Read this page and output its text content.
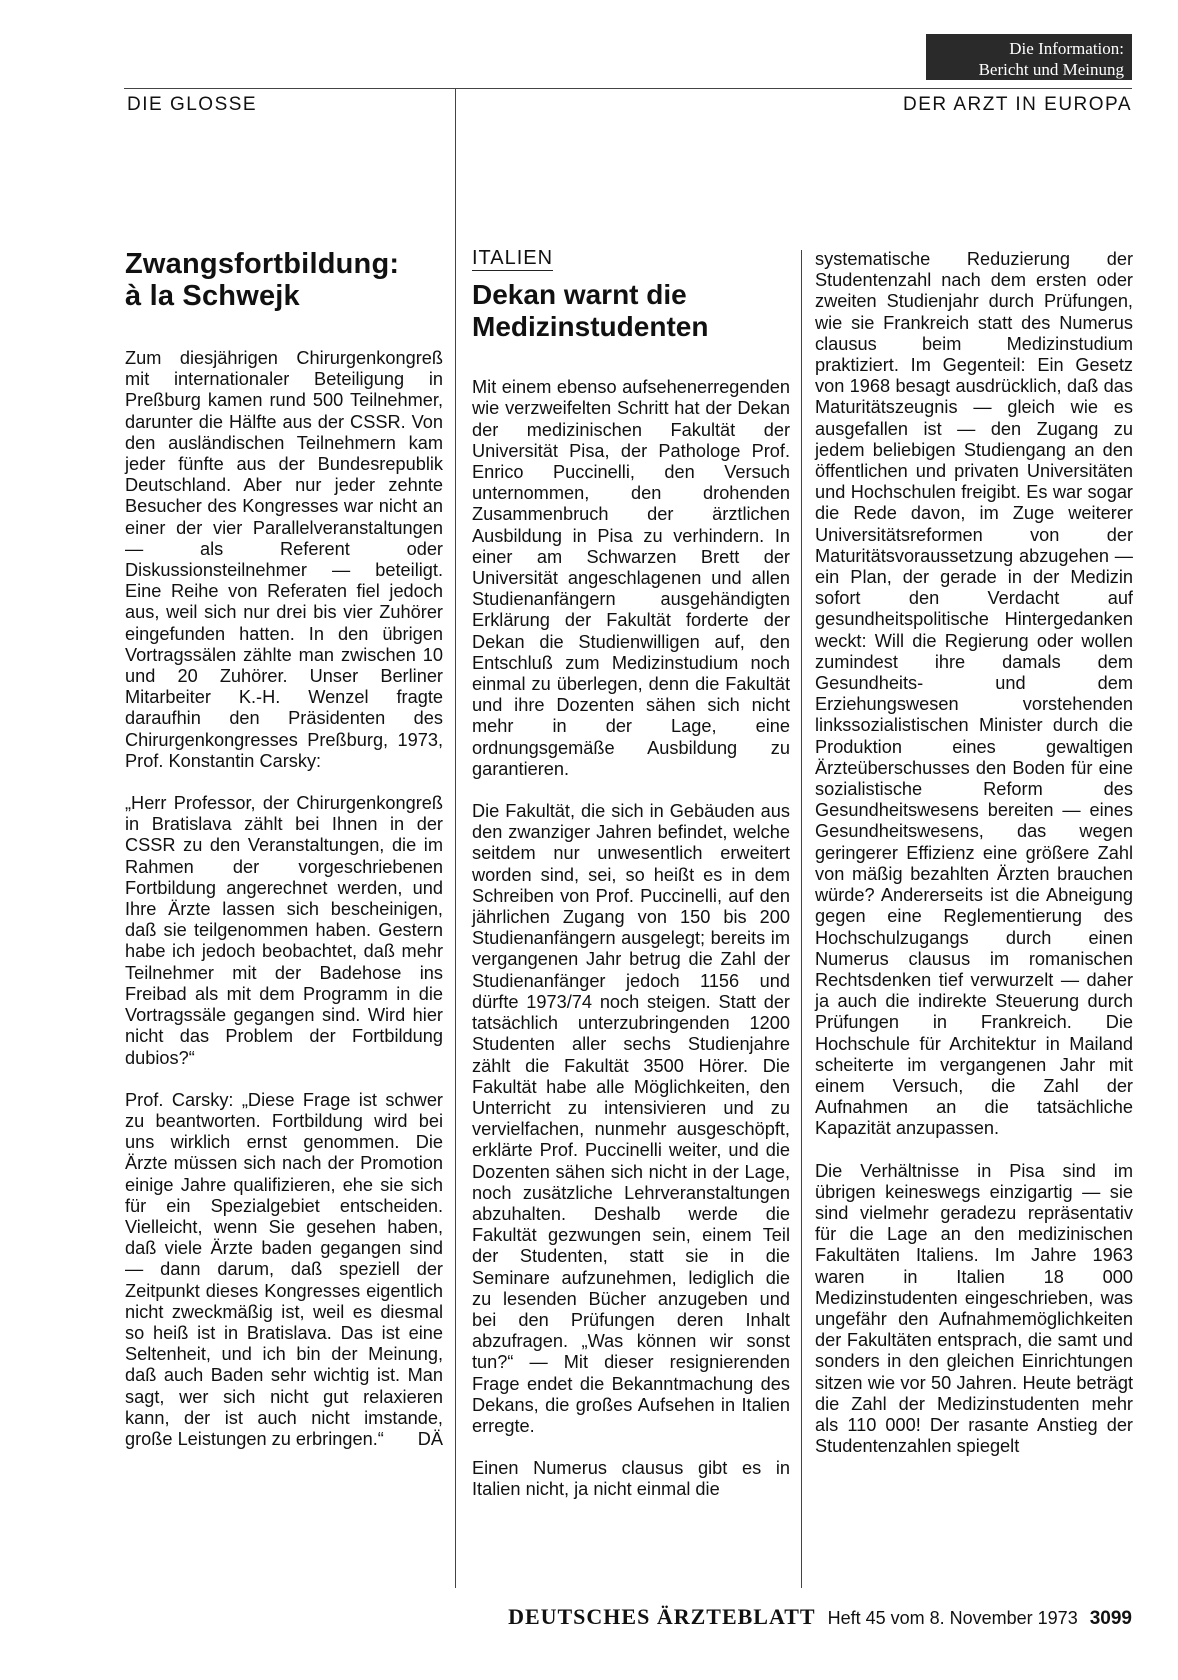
Die Information:
Bericht und Meinung
DIE GLOSSE	DER ARZT IN EUROPA

Zwangsfortbildung:
à la Schwejk

Zum diesjährigen Chirurgenkongreß mit internationaler Beteiligung in Preßburg kamen rund 500 Teilnehmer, darunter die Hälfte aus der CSSR. Von den ausländischen Teilnehmern kam jeder fünfte aus der Bundesrepublik Deutschland. Aber nur jeder zehnte Besucher des Kongresses war nicht an einer der vier Parallelveranstaltungen — als Referent oder Diskussionsteilnehmer — beteiligt. Eine Reihe von Referaten fiel jedoch aus, weil sich nur drei bis vier Zuhörer eingefunden hatten. In den übrigen Vortragssälen zählte man zwischen 10 und 20 Zuhörer. Unser Berliner Mitarbeiter K.-H. Wenzel fragte daraufhin den Präsidenten des Chirurgenkongresses Preßburg, 1973, Prof. Konstantin Carsky:

„Herr Professor, der Chirurgenkongreß in Bratislava zählt bei Ihnen in der CSSR zu den Veranstaltungen, die im Rahmen der vorgeschriebenen Fortbildung angerechnet werden, und Ihre Ärzte lassen sich bescheinigen, daß sie teilgenommen haben. Gestern habe ich jedoch beobachtet, daß mehr Teilnehmer mit der Badehose ins Freibad als mit dem Programm in die Vortragssäle gegangen sind. Wird hier nicht das Problem der Fortbildung dubios?“

Prof. Carsky: „Diese Frage ist schwer zu beantworten. Fortbildung wird bei uns wirklich ernst genommen. Die Ärzte müssen sich nach der Promotion einige Jahre qualifizieren, ehe sie sich für ein Spezialgebiet entscheiden. Vielleicht, wenn Sie gesehen haben, daß viele Ärzte baden gegangen sind — dann darum, daß speziell der Zeitpunkt dieses Kongresses eigentlich nicht zweckmäßig ist, weil es diesmal so heiß ist in Bratislava. Das ist eine Seltenheit, und ich bin der Meinung, daß auch Baden sehr wichtig ist. Man sagt, wer sich nicht gut relaxieren kann, der ist auch nicht imstande, große Leistungen zu erbringen.“ DÄ

ITALIEN

Dekan warnt die
Medizinstudenten

Mit einem ebenso aufsehenerregenden wie verzweifelten Schritt hat der Dekan der medizinischen Fakultät der Universität Pisa, der Pathologe Prof. Enrico Puccinelli, den Versuch unternommen, den drohenden Zusammenbruch der ärztlichen Ausbildung in Pisa zu verhindern. In einer am Schwarzen Brett der Universität angeschlagenen und allen Studienanfängern ausgehändigten Erklärung der Fakultät forderte der Dekan die Studienwilligen auf, den Entschluß zum Medizinstudium noch einmal zu überlegen, denn die Fakultät und ihre Dozenten sähen sich nicht mehr in der Lage, eine ordnungsgemäße Ausbildung zu garantieren.

Die Fakultät, die sich in Gebäuden aus den zwanziger Jahren befindet, welche seitdem nur unwesentlich erweitert worden sind, sei, so heißt es in dem Schreiben von Prof. Puccinelli, auf den jährlichen Zugang von 150 bis 200 Studienanfängern ausgelegt; bereits im vergangenen Jahr betrug die Zahl der Studienanfänger jedoch 1156 und dürfte 1973/74 noch steigen. Statt der tatsächlich unterzubringenden 1200 Studenten aller sechs Studienjahre zählt die Fakultät 3500 Hörer. Die Fakultät habe alle Möglichkeiten, den Unterricht zu intensivieren und zu vervielfachen, nunmehr ausgeschöpft, erklärte Prof. Puccinelli weiter, und die Dozenten sähen sich nicht in der Lage, noch zusätzliche Lehrveranstaltungen abzuhalten. Deshalb werde die Fakultät gezwungen sein, einem Teil der Studenten, statt sie in die Seminare aufzunehmen, lediglich die zu lesenden Bücher anzugeben und bei den Prüfungen deren Inhalt abzufragen. „Was können wir sonst tun?“ — Mit dieser resignierenden Frage endet die Bekanntmachung des Dekans, die großes Aufsehen in Italien erregte.

Einen Numerus clausus gibt es in Italien nicht, ja nicht einmal die

systematische Reduzierung der Studentenzahl nach dem ersten oder zweiten Studienjahr durch Prüfungen, wie sie Frankreich statt des Numerus clausus beim Medizinstudium praktiziert. Im Gegenteil: Ein Gesetz von 1968 besagt ausdrücklich, daß das Maturitätszeugnis — gleich wie es ausgefallen ist — den Zugang zu jedem beliebigen Studiengang an den öffentlichen und privaten Universitäten und Hochschulen freigibt. Es war sogar die Rede davon, im Zuge weiterer Universitätsreformen von der Maturitätsvoraussetzung abzugehen — ein Plan, der gerade in der Medizin sofort den Verdacht auf gesundheitspolitische Hintergedanken weckt: Will die Regierung oder wollen zumindest ihre damals dem Gesundheits- und dem Erziehungswesen vorstehenden linkssozialistischen Minister durch die Produktion eines gewaltigen Ärzteüberschusses den Boden für eine sozialistische Reform des Gesundheitswesens bereiten — eines Gesundheitswesens, das wegen geringerer Effizienz eine größere Zahl von mäßig bezahlten Ärzten brauchen würde? Andererseits ist die Abneigung gegen eine Reglementierung des Hochschulzugangs durch einen Numerus clausus im romanischen Rechtsdenken tief verwurzelt — daher ja auch die indirekte Steuerung durch Prüfungen in Frankreich. Die Hochschule für Architektur in Mailand scheiterte im vergangenen Jahr mit einem Versuch, die Zahl der Aufnahmen an die tatsächliche Kapazität anzupassen.

Die Verhältnisse in Pisa sind im übrigen keineswegs einzigartig — sie sind vielmehr geradezu repräsentativ für die Lage an den medizinischen Fakultäten Italiens. Im Jahre 1963 waren in Italien 18 000 Medizinstudenten eingeschrieben, was ungefähr den Aufnahmemöglichkeiten der Fakultäten entsprach, die samt und sonders in den gleichen Einrichtungen sitzen wie vor 50 Jahren. Heute beträgt die Zahl der Medizinstudenten mehr als 110 000! Der rasante Anstieg der Studentenzahlen spiegelt

DEUTSCHES ÄRZTEBLATT Heft 45 vom 8. November 1973 3099
